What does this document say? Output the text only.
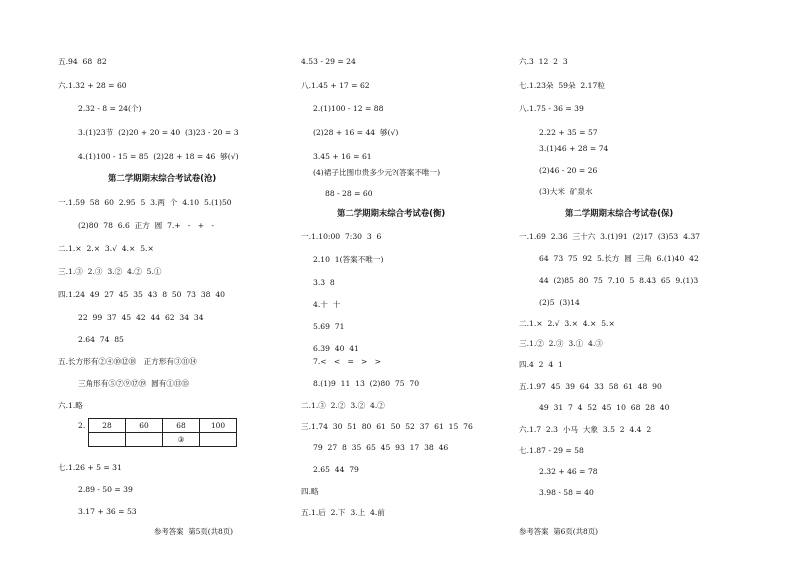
五.94  68  82
六.1.32 + 28 = 60
2.32 - 8 = 24(个)
3.(1)23节  (2)20 + 20 = 40  (3)23 - 20 = 3
4.(1)100 - 15 = 85  (2)28 + 18 = 46  够(√)
第二学期期末综合考试卷(沧)
一.1.59  58  60  2.95  5  3.两  个  4.10  5.(1)50
(2)80  78  6.6  正方  圆  7.+   -   +   -
二.1.×  2.×  3.√  4.×  5.×
三.1.③  2.③  3.②  4.②  5.①
四.1.24  49  27  45  35  43  8  50  73  38  40
22  99  37  45  42  44  62  34  34
2.64  74  85
五.长方形有②④⑩⑫⑱   正方形有③⑪⑭
三角形有⑤⑦⑨⑰⑲  圆有①⑬⑮
六.1.略
2. 28	60	68	100
		③	
七.1.26 + 5 = 31
2.89 - 50 = 39
3.17 + 36 = 53
参考答案  第5页(共8页)
4.53 - 29 = 24
八.1.45 + 17 = 62
2.(1)100 - 12 = 88
(2)28 + 16 = 44  够(√)
3.45 + 16 = 61
(4)裙子比围巾贵多少元?(答案不唯一)
88 - 28 = 60
第二学期期末综合考试卷(衡)
一.1.10:00  7:30  3  6
2.10  1(答案不唯一)
3.3  8
4.十  十
5.69  71
6.39  40  41
7.<   <   =   >   >
8.(1)9  11  13  (2)80  75  70
二.1.③  2.②  3.②  4.②
三.1.74  30  51  80  61  50  52  37  61  15  76
79  27  8  35  65  45  93  17  38  46
2.65  44  79
四.略
五.1.后  2.下  3.上  4.前
六.3  12  2  3
七.1.23朵  59朵  2.17粒
八.1.75 - 36 = 39
2.22 + 35 = 57
3.(1)46 + 28 = 74
(2)46 - 20 = 26
(3)大米  矿泉水
第二学期期末综合考试卷(保)
一.1.69  2.36  三十六  3.(1)91  (2)17  (3)53  4.37
64  73  75  92  5.长方  圆  三角  6.(1)40  42
44  (2)85  80  75  7.10  5  8.43  65  9.(1)3
(2)5  (3)14
二.1.×  2.√  3.×  4.×  5.×
三.1.②  2.③  3.①  4.③
四.4  2  4  1
五.1.97  45  39  64  33  58  61  48  90
49  31  7  4  52  45  10  68  28  40
六.1.7  2.3  小马  大象  3.5  2  4.4  2
七.1.87 - 29 = 58
2.32 + 46 = 78
3.98 - 58 = 40
参考答案  第6页(共8页)
